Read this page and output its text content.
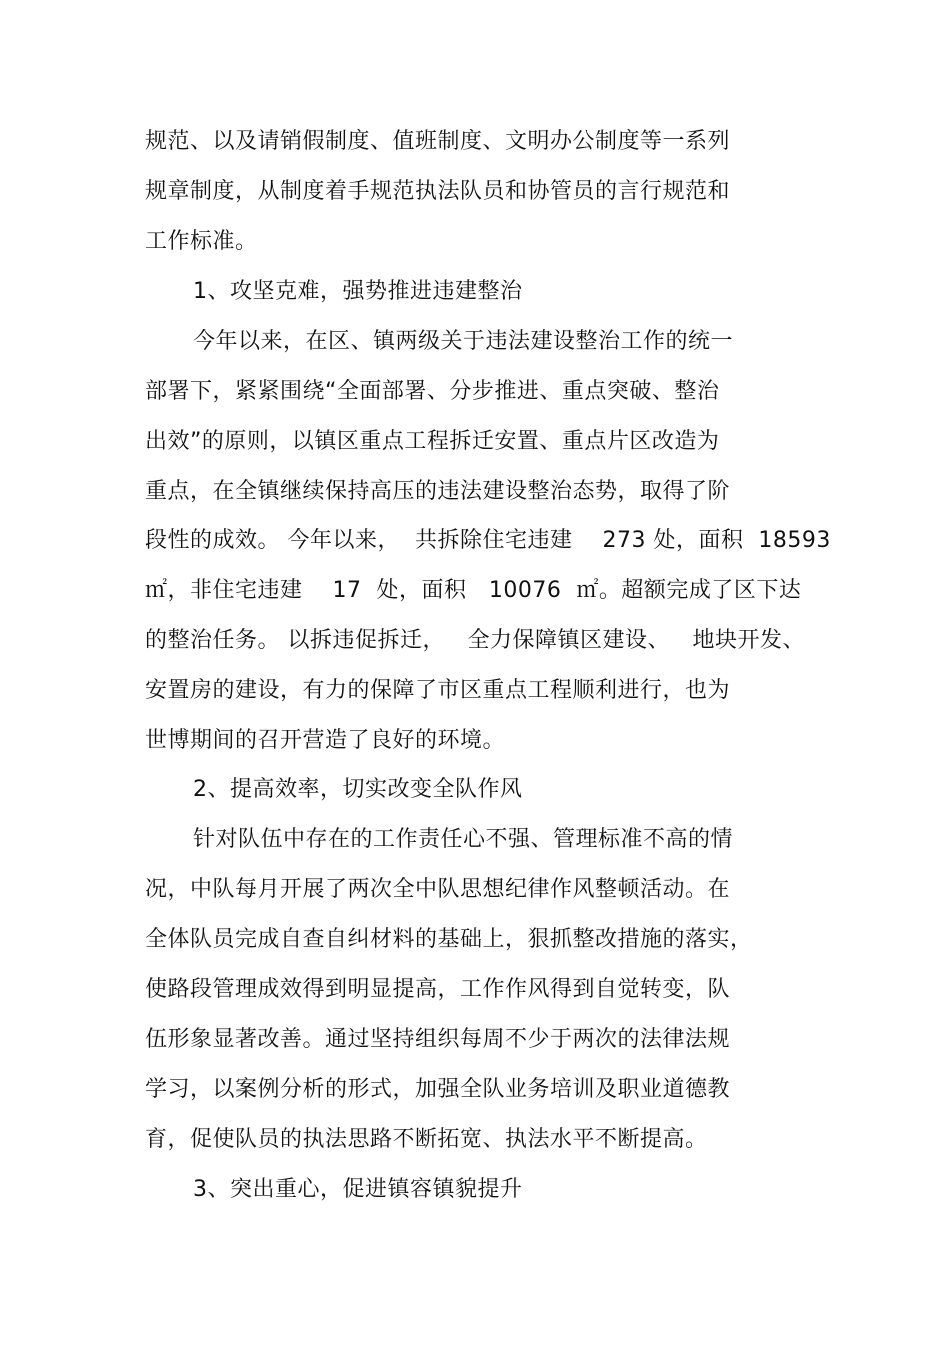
规范、以及请销假制度、值班制度、文明办公制度等一系列
规章制度，从制度着手规范执法队员和协管员的言行规范和
工作标准。
1、攻坚克难，强势推进违建整治
今年以来，在区、镇两级关于违法建设整治工作的统一
部署下，紧紧围绕“全面部署、分步推进、重点突破、整治
出效”的原则，以镇区重点工程拆迁安置、重点片区改造为
重点，在全镇继续保持高压的违法建设整治态势，取得了阶
段性的成效。 今年以来，  共拆除住宅违建    273 处，面积  18593
㎡，非住宅违建    17  处，面积   10076  ㎡。超额完成了区下达
的整治任务。 以拆违促拆迁，   全力保障镇区建设、   地块开发、
安置房的建设，有力的保障了市区重点工程顺利进行，也为
世博期间的召开营造了良好的环境。
2、提高效率，切实改变全队作风
针对队伍中存在的工作责任心不强、管理标准不高的情
况，中队每月开展了两次全中队思想纪律作风整顿活动。在
全体队员完成自查自纠材料的基础上，狠抓整改措施的落实，
使路段管理成效得到明显提高，工作作风得到自觉转变，队
伍形象显著改善。通过坚持组织每周不少于两次的法律法规
学习，以案例分析的形式，加强全队业务培训及职业道德教
育，促使队员的执法思路不断拓宽、执法水平不断提高。
3、突出重心，促进镇容镇貌提升
